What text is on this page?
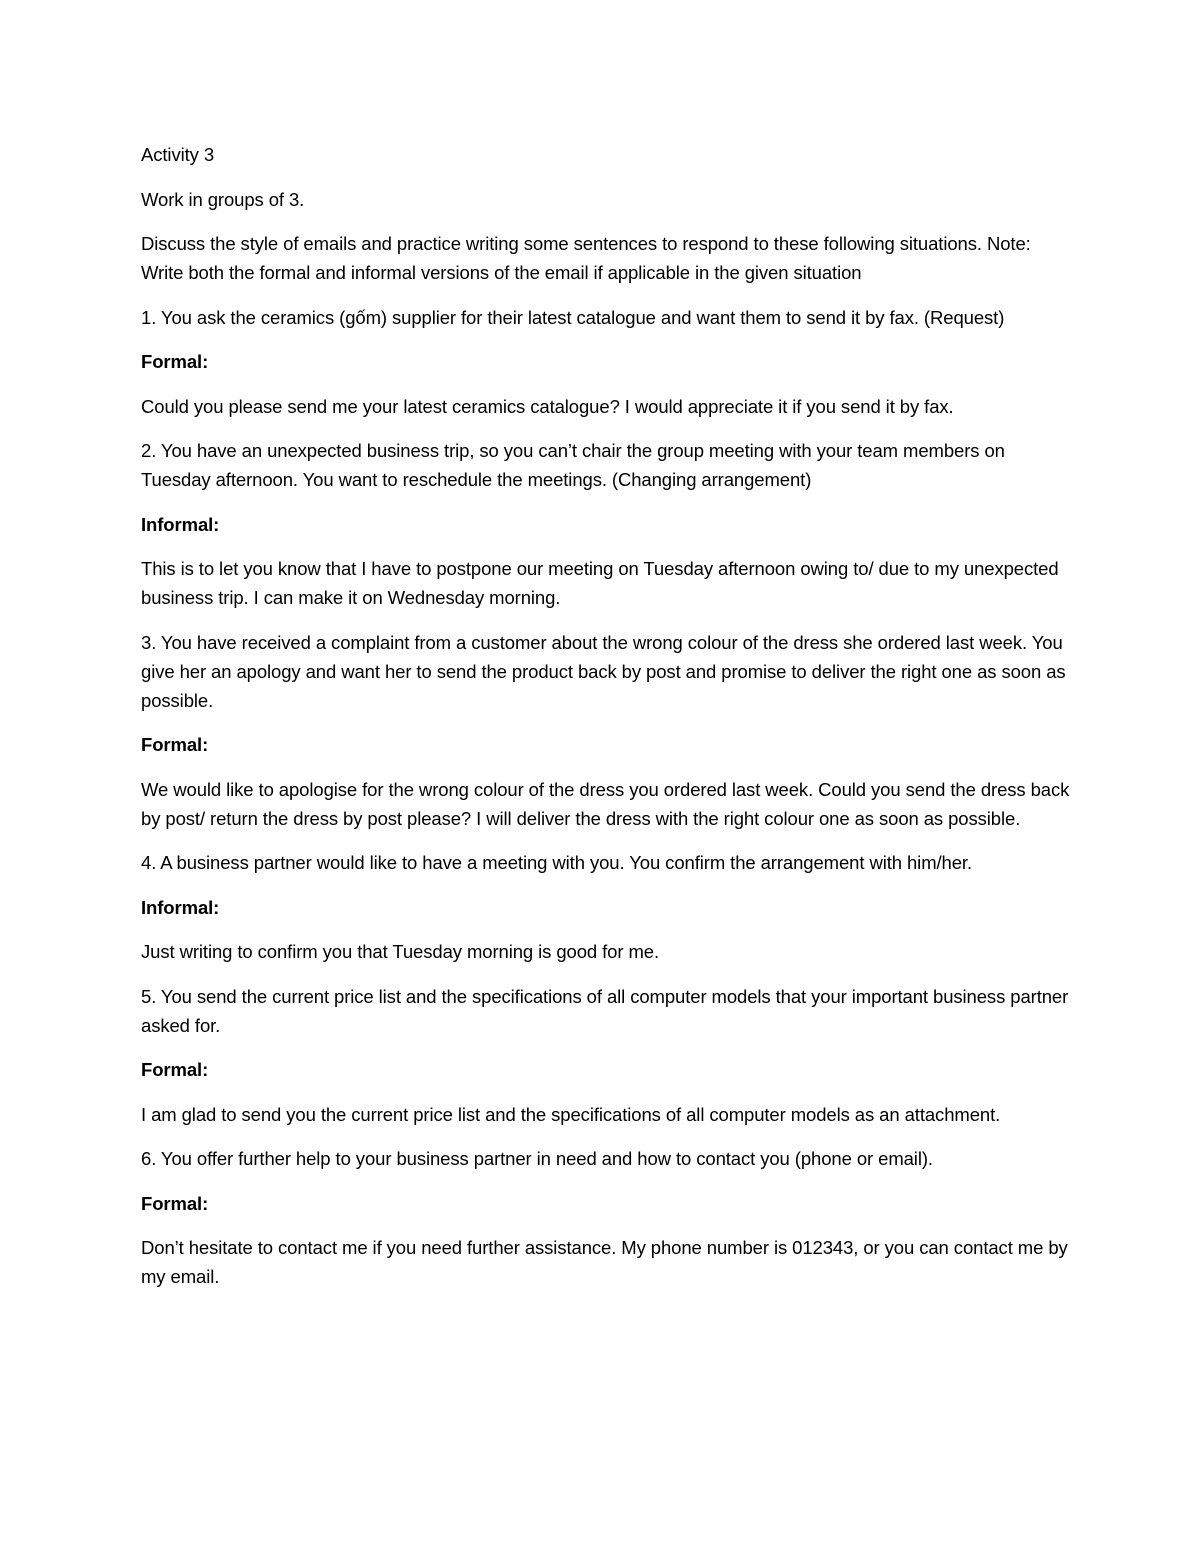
Activity 3

Work in groups of 3.

Discuss the style of emails and practice writing some sentences to respond to these following situations. Note: Write both the formal and informal versions of the email if applicable in the given situation

1. You ask the ceramics (gốm) supplier for their latest catalogue and want them to send it by fax. (Request)

Formal:

Could you please send me your latest ceramics catalogue? I would appreciate it if you send it by fax.

2. You have an unexpected business trip, so you can’t chair the group meeting with your team members on Tuesday afternoon. You want to reschedule the meetings. (Changing arrangement)

Informal:

This is to let you know that I have to postpone our meeting on Tuesday afternoon owing to/ due to my unexpected business trip. I can make it on Wednesday morning.

3. You have received a complaint from a customer about the wrong colour of the dress she ordered last week. You give her an apology and want her to send the product back by post and promise to deliver the right one as soon as possible.

Formal:

We would like to apologise for the wrong colour of the dress you ordered last week. Could you send the dress back by post/ return the dress by post please? I will deliver the dress with the right colour one as soon as possible.

4. A business partner would like to have a meeting with you. You confirm the arrangement with him/her.

Informal:

Just writing to confirm you that Tuesday morning is good for me.

5. You send the current price list and the specifications of all computer models that your important business partner asked for.

Formal:

I am glad to send you the current price list and the specifications of all computer models as an attachment.

6. You offer further help to your business partner in need and how to contact you (phone or email).

Formal:

Don’t hesitate to contact me if you need further assistance. My phone number is 012343, or you can contact me by my email.
